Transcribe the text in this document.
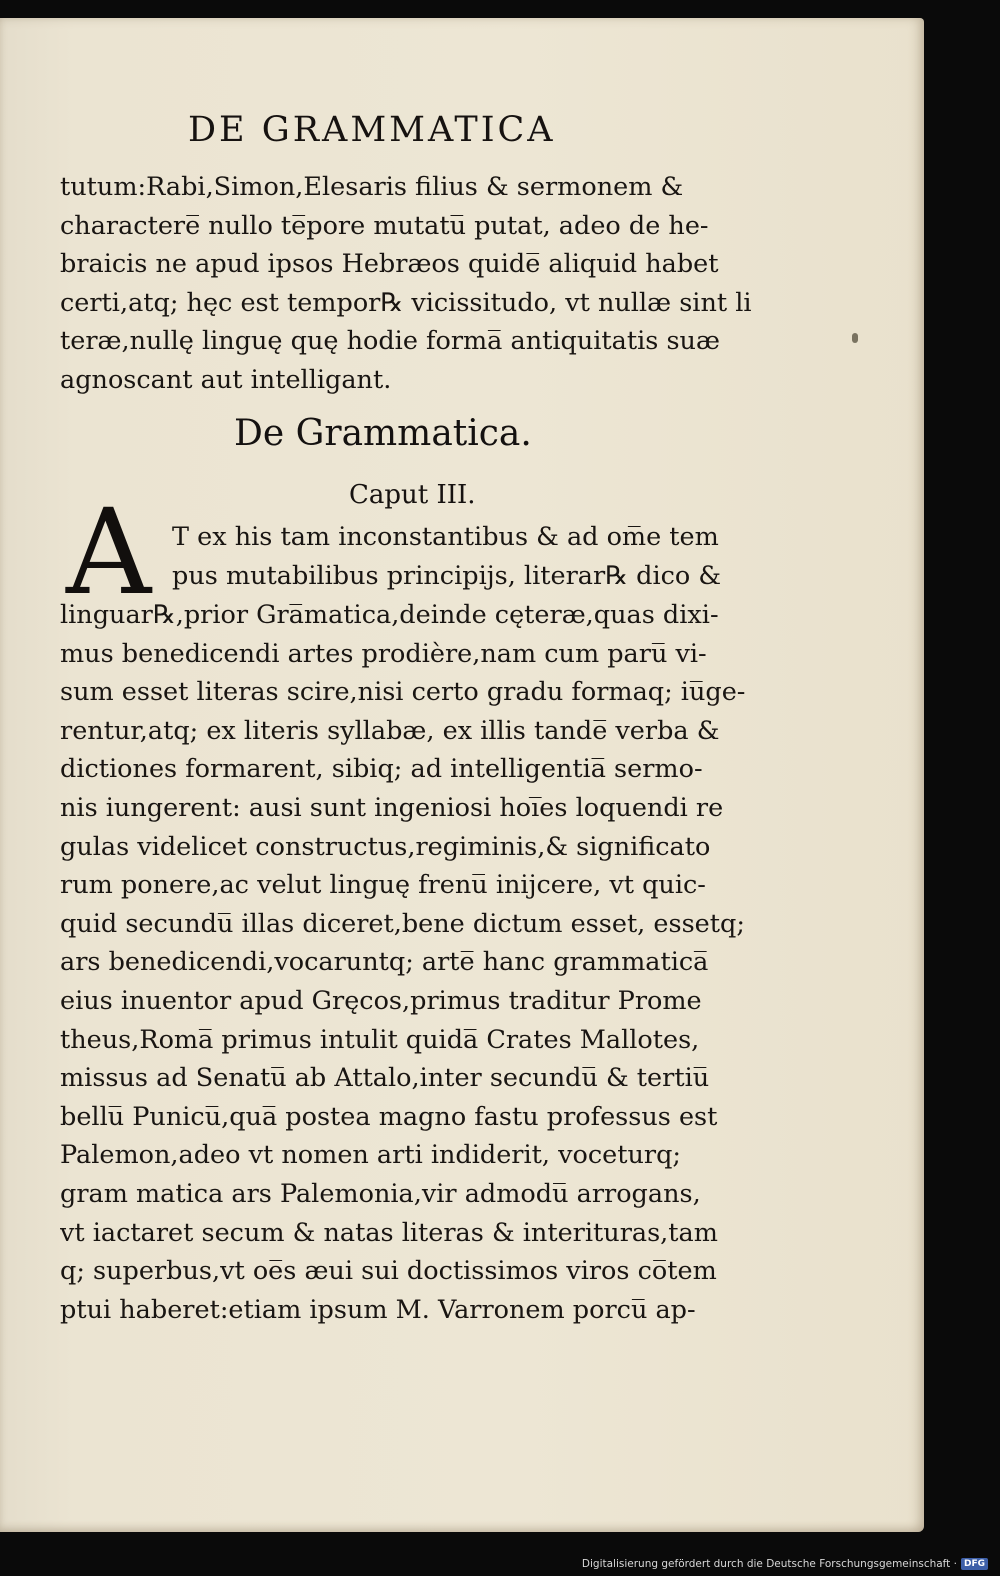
DE GRAMMATICA
tutum:Rabi,Simon,Elesaris filius & sermonem &
charactere̅ nullo te̅pore mutatu̅ putat, adeo de he-
braicis ne apud ipsos Hebræos quide̅ aliquid habet
certi,atq; hęc est tempor℞ vicissitudo, vt nullæ sint li
teræ,nullę linguę quę hodie forma̅ antiquitatis suæ
agnoscant aut intelligant.
De Grammatica.
Caput III.
A T ex his tam inconstantibus & ad om̅e tem
pus mutabilibus principijs, literar℞ dico &
linguar℞,prior Gra̅matica,deinde cęteræ,quas dixi-
mus benedicendi artes prodière,nam cum paru̅ vi-
sum esset literas scire,nisi certo gradu formaq; iu̅ge-
rentur,atq; ex literis syllabæ, ex illis tande̅ verba &
dictiones formarent, sibiq; ad intelligentia̅ sermo-
nis iungerent: ausi sunt ingeniosi hoi̅es loquendi re
gulas videlicet constructus,regiminis,& significato
rum ponere,ac velut linguę frenu̅ inijcere, vt quic-
quid secundu̅ illas diceret,bene dictum esset, essetq;
ars benedicendi,vocaruntq; arte̅ hanc grammatica̅
eius inuentor apud Gręcos,primus traditur Prome
theus,Roma̅ primus intulit quida̅ Crates Mallotes,
missus ad Senatu̅ ab Attalo,inter secundu̅ & tertiu̅
bellu̅ Punicu̅,qua̅ postea magno fastu professus est
Palemon,adeo vt nomen arti indiderit, voceturq;
gram matica ars Palemonia,vir admodu̅ arrogans,
vt iactaret secum & natas literas & interituras,tam
q; superbus,vt oe̅s æui sui doctissimos viros co̅tem
ptui haberet:etiam ipsum M. Varronem porcu̅ ap-
Digitalisierung gefördert durch die Deutsche Forschungsgemeinschaft · DFG
